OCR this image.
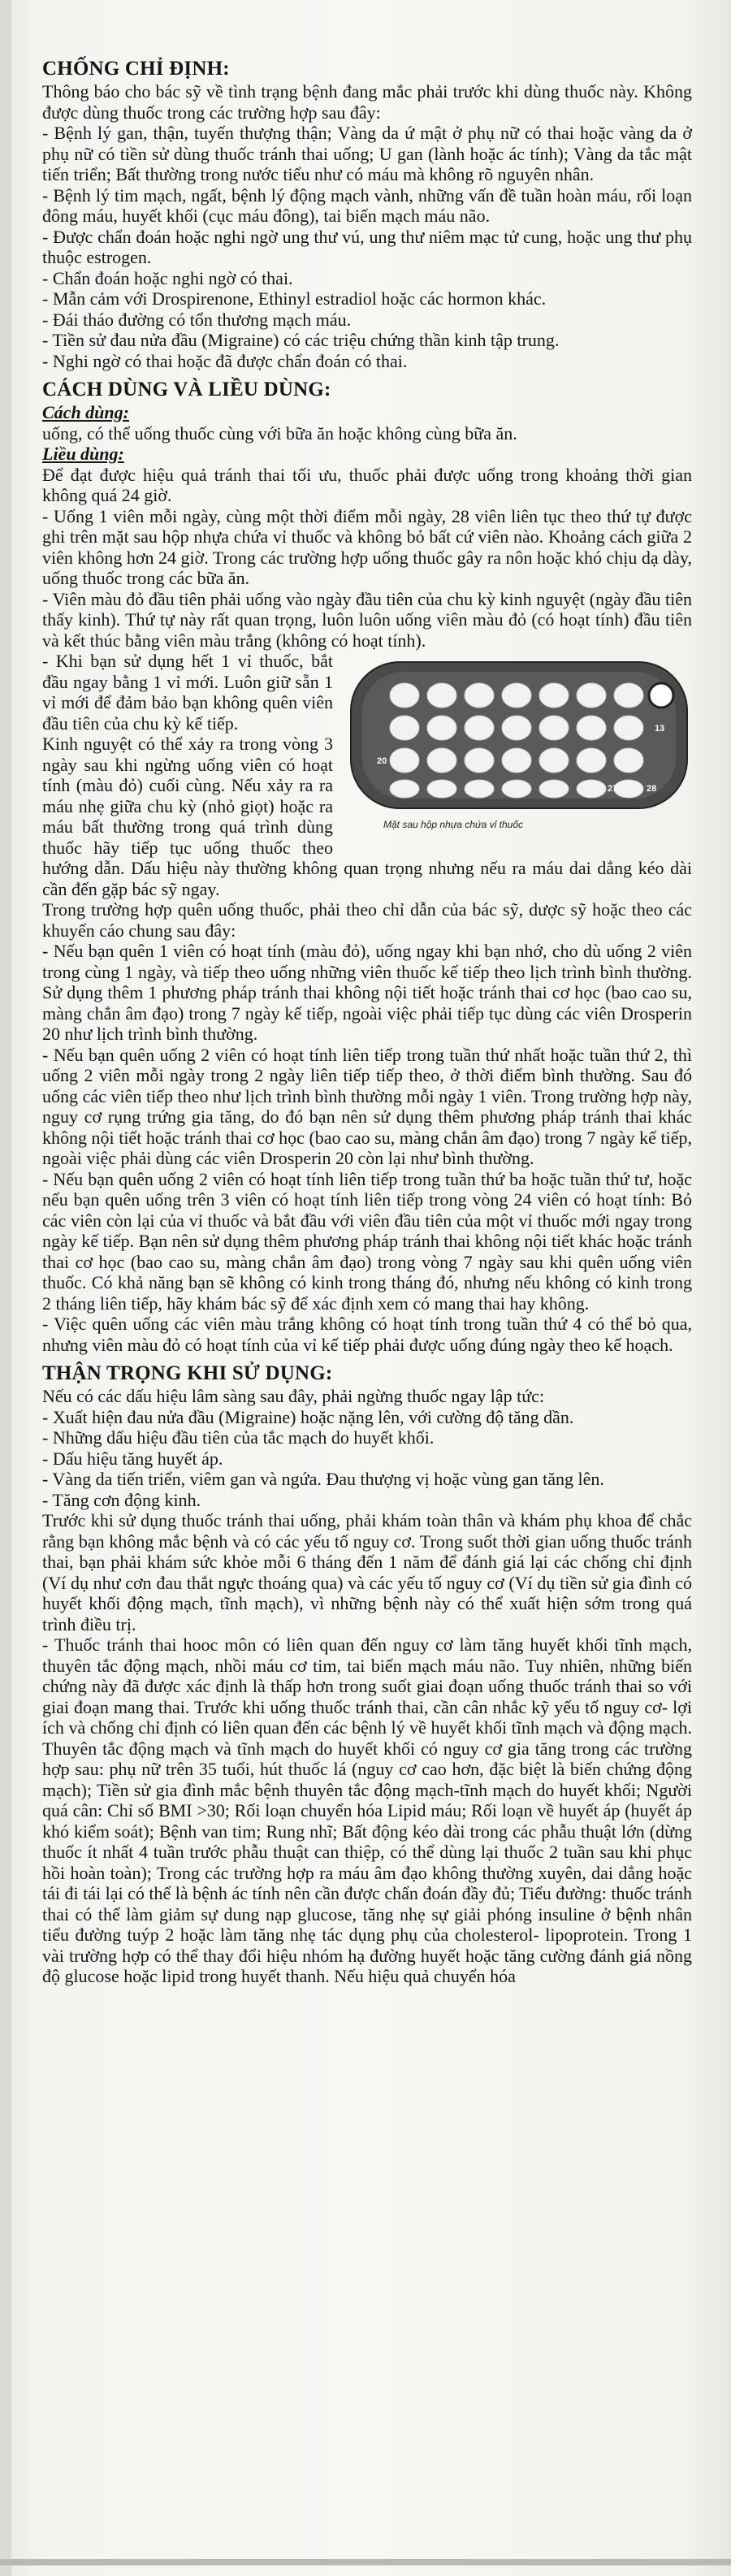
CHỐNG CHỈ ĐỊNH:

Thông báo cho bác sỹ về tình trạng bệnh đang mắc phải trước khi dùng thuốc này. Không được dùng thuốc trong các trường hợp sau đây:

- Bệnh lý gan, thận, tuyến thượng thận; Vàng da ứ mật ở phụ nữ có thai hoặc vàng da ở phụ nữ có tiền sử dùng thuốc tránh thai uống; U gan (lành hoặc ác tính); Vàng da tắc mật tiến triển; Bất thường trong nước tiểu như có máu mà không rõ nguyên nhân.

- Bệnh lý tim mạch, ngất, bệnh lý động mạch vành, những vấn đề tuần hoàn máu, rối loạn đông máu, huyết khối (cục máu đông), tai biến mạch máu não.

- Được chẩn đoán hoặc nghi ngờ ung thư vú, ung thư niêm mạc tử cung, hoặc ung thư phụ thuộc estrogen.

- Chẩn đoán hoặc nghi ngờ có thai.

- Mẫn cảm với Drospirenone, Ethinyl estradiol hoặc các hormon khác.

- Đái tháo đường có tổn thương mạch máu.

- Tiền sử đau nửa đầu (Migraine) có các triệu chứng thần kinh tập trung.

- Nghi ngờ có thai hoặc đã được chẩn đoán có thai.

CÁCH DÙNG VÀ LIỀU DÙNG:

Cách dùng:

uống, có thể uống thuốc cùng với bữa ăn hoặc không cùng bữa ăn.

Liều dùng:

Để đạt được hiệu quả tránh thai tối ưu, thuốc phải được uống trong khoảng thời gian không quá 24 giờ.

- Uống 1 viên mỗi ngày, cùng một thời điểm mỗi ngày, 28 viên liên tục theo thứ tự được ghi trên mặt sau hộp nhựa chứa vỉ thuốc và không bỏ bất cứ viên nào. Khoảng cách giữa 2 viên không hơn 24 giờ. Trong các trường hợp uống thuốc gây ra nôn hoặc khó chịu dạ dày, uống thuốc trong các bữa ăn.

- Viên màu đỏ đầu tiên phải uống vào ngày đầu tiên của chu kỳ kinh nguyệt (ngày đầu tiên thấy kinh). Thứ tự này rất quan trọng, luôn luôn uống viên màu đỏ (có hoạt tính) đầu tiên và kết thúc bằng viên màu trắng (không có hoạt tính).

13
20
27	28
Mặt sau hộp nhựa chứa vỉ thuốc

- Khi bạn sử dụng hết 1 vỉ thuốc, bắt đầu ngay bằng 1 vỉ mới. Luôn giữ sẵn 1 vỉ mới để đảm bảo bạn không quên viên đầu tiên của chu kỳ kế tiếp.

Kinh nguyệt có thể xảy ra trong vòng 3 ngày sau khi ngừng uống viên có hoạt tính (màu đỏ) cuối cùng. Nếu xảy ra ra máu nhẹ giữa chu kỳ (nhỏ giọt) hoặc ra máu bất thường trong quá trình dùng thuốc hãy tiếp tục uống thuốc theo hướng dẫn. Dấu hiệu này thường không quan trọng nhưng nếu ra máu dai dẳng kéo dài cần đến gặp bác sỹ ngay.

Trong trường hợp quên uống thuốc, phải theo chỉ dẫn của bác sỹ, dược sỹ hoặc theo các khuyến cáo chung sau đây:

- Nếu bạn quên 1 viên có hoạt tính (màu đỏ), uống ngay khi bạn nhớ, cho dù uống 2 viên trong cùng 1 ngày, và tiếp theo uống những viên thuốc kế tiếp theo lịch trình bình thường. Sử dụng thêm 1 phương pháp tránh thai không nội tiết hoặc tránh thai cơ học (bao cao su, màng chắn âm đạo) trong 7 ngày kế tiếp, ngoài việc phải tiếp tục dùng các viên Drosperin 20 như lịch trình bình thường.

- Nếu bạn quên uống 2 viên có hoạt tính liên tiếp trong tuần thứ nhất hoặc tuần thứ 2, thì uống 2 viên mỗi ngày trong 2 ngày liên tiếp tiếp theo, ở thời điểm bình thường. Sau đó uống các viên tiếp theo như lịch trình bình thường mỗi ngày 1 viên. Trong trường hợp này, nguy cơ rụng trứng gia tăng, do đó bạn nên sử dụng thêm phương pháp tránh thai khác không nội tiết hoặc tránh thai cơ học (bao cao su, màng chắn âm đạo) trong 7 ngày kế tiếp, ngoài việc phải dùng các viên Drosperin 20 còn lại như bình thường.

- Nếu bạn quên uống 2 viên có hoạt tính liên tiếp trong tuần thứ ba hoặc tuần thứ tư, hoặc nếu bạn quên uống trên 3 viên có hoạt tính liên tiếp trong vòng 24 viên có hoạt tính: Bỏ các viên còn lại của vỉ thuốc và bắt đầu với viên đầu tiên của một vỉ thuốc mới ngay trong ngày kế tiếp. Bạn nên sử dụng thêm phương pháp tránh thai không nội tiết khác hoặc tránh thai cơ học (bao cao su, màng chắn âm đạo) trong vòng 7 ngày sau khi quên uống viên thuốc. Có khả năng bạn sẽ không có kinh trong tháng đó, nhưng nếu không có kinh trong 2 tháng liên tiếp, hãy khám bác sỹ để xác định xem có mang thai hay không.

- Việc quên uống các viên màu trắng không có hoạt tính trong tuần thứ 4 có thể bỏ qua, nhưng viên màu đỏ có hoạt tính của vỉ kế tiếp phải được uống đúng ngày theo kế hoạch.

THẬN TRỌNG KHI SỬ DỤNG:

Nếu có các dấu hiệu lâm sàng sau đây, phải ngừng thuốc ngay lập tức:

- Xuất hiện đau nửa đầu (Migraine) hoặc nặng lên, với cường độ tăng dần.

- Những dấu hiệu đầu tiên của tắc mạch do huyết khối.

- Dấu hiệu tăng huyết áp.

- Vàng da tiến triển, viêm gan và ngứa. Đau thượng vị hoặc vùng gan tăng lên.

- Tăng cơn động kinh.

Trước khi sử dụng thuốc tránh thai uống, phải khám toàn thân và khám phụ khoa để chắc rằng bạn không mắc bệnh và có các yếu tố nguy cơ. Trong suốt thời gian uống thuốc tránh thai, bạn phải khám sức khỏe mỗi 6 tháng đến 1 năm để đánh giá lại các chống chỉ định (Ví dụ như cơn đau thắt ngực thoáng qua) và các yếu tố nguy cơ (Ví dụ tiền sử gia đình có huyết khối động mạch, tĩnh mạch), vì những bệnh này có thể xuất hiện sớm trong quá trình điều trị.

- Thuốc tránh thai hooc môn có liên quan đến nguy cơ làm tăng huyết khối tĩnh mạch, thuyên tắc động mạch, nhồi máu cơ tim, tai biến mạch máu não. Tuy nhiên, những biến chứng này đã được xác định là thấp hơn trong suốt giai đoạn uống thuốc tránh thai so với giai đoạn mang thai. Trước khi uống thuốc tránh thai, cần cân nhắc kỹ yếu tố nguy cơ- lợi ích và chống chỉ định có liên quan đến các bệnh lý về huyết khối tĩnh mạch và động mạch. Thuyên tắc động mạch và tĩnh mạch do huyết khối có nguy cơ gia tăng trong các trường hợp sau: phụ nữ trên 35 tuổi, hút thuốc lá (nguy cơ cao hơn, đặc biệt là biến chứng động mạch); Tiền sử gia đình mắc bệnh thuyên tắc động mạch-tĩnh mạch do huyết khối; Người quá cân: Chỉ số BMI >30; Rối loạn chuyển hóa Lipid máu; Rối loạn về huyết áp (huyết áp khó kiểm soát); Bệnh van tim; Rung nhĩ; Bất động kéo dài trong các phẫu thuật lớn (dừng thuốc ít nhất 4 tuần trước phẫu thuật can thiệp, có thể dùng lại thuốc 2 tuần sau khi phục hồi hoàn toàn); Trong các trường hợp ra máu âm đạo không thường xuyên, dai dẳng hoặc tái đi tái lại có thể là bệnh ác tính nên cần được chẩn đoán đầy đủ; Tiểu đường: thuốc tránh thai có thể làm giảm sự dung nạp glucose, tăng nhẹ sự giải phóng insuline ở bệnh nhân tiểu đường tuýp 2 hoặc làm tăng nhẹ tác dụng phụ của cholesterol- lipoprotein. Trong 1 vài trường hợp có thể thay đổi hiệu nhóm hạ đường huyết hoặc tăng cường đánh giá nồng độ glucose hoặc lipid trong huyết thanh. Nếu hiệu quả chuyển hóa
